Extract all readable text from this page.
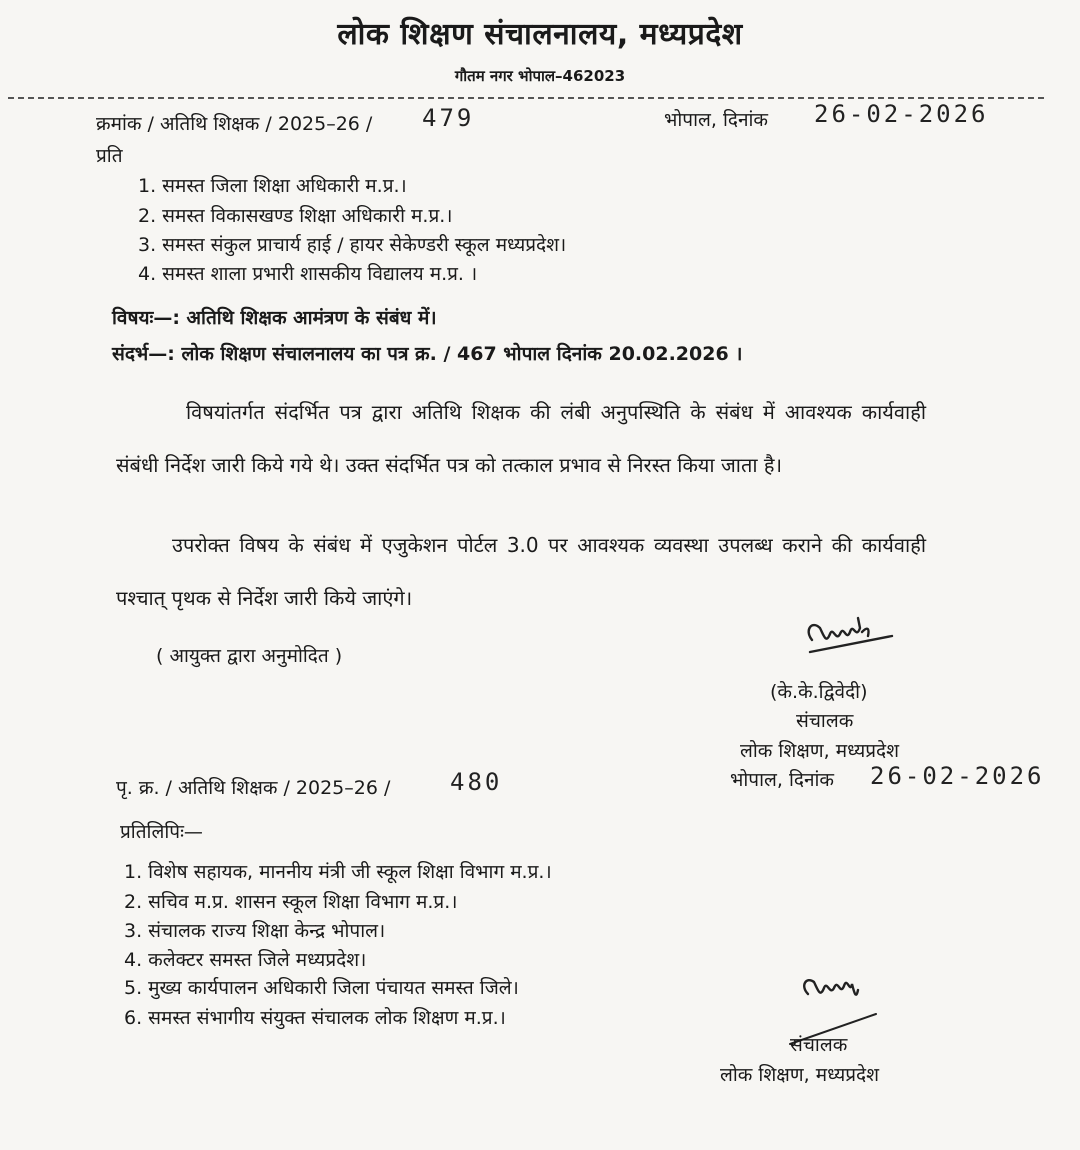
लोक शिक्षण संचालनालय, मध्यप्रदेश
गौतम नगर भोपाल–462023
क्रमांक / अतिथि शिक्षक / 2025–26 / 479	भोपाल, दिनांक 26-02-2026
प्रति
1. समस्त जिला शिक्षा अधिकारी म.प्र.।
2. समस्त विकासखण्ड शिक्षा अधिकारी म.प्र.।
3. समस्त संकुल प्राचार्य हाई / हायर सेकेण्डरी स्कूल मध्यप्रदेश।
4. समस्त शाला प्रभारी शासकीय विद्यालय म.प्र. ।
विषयः—: अतिथि शिक्षक आमंत्रण के संबंध में।
संदर्भ—: लोक शिक्षण संचालनालय का पत्र क्र. / 467 भोपाल दिनांक 20.02.2026 ।
विषयांतर्गत संदर्भित पत्र द्वारा अतिथि शिक्षक की लंबी अनुपस्थिति के संबंध में आवश्यक कार्यवाही संबंधी निर्देश जारी किये गये थे। उक्त संदर्भित पत्र को तत्काल प्रभाव से निरस्त किया जाता है।
उपरोक्त विषय के संबंध में एजुकेशन पोर्टल 3.0 पर आवश्यक व्यवस्था उपलब्ध कराने की कार्यवाही पश्चात् पृथक से निर्देश जारी किये जाएंगे।
( आयुक्त द्वारा अनुमोदित )
(के.के.द्विवेदी)
संचालक
लोक शिक्षण, मध्यप्रदेश
भोपाल, दिनांक 26-02-2026
पृ. क्र. / अतिथि शिक्षक / 2025–26 / 480
प्रतिलिपिः—
1. विशेष सहायक, माननीय मंत्री जी स्कूल शिक्षा विभाग म.प्र.।
2. सचिव म.प्र. शासन स्कूल शिक्षा विभाग म.प्र.।
3. संचालक राज्य शिक्षा केन्द्र भोपाल।
4. कलेक्टर समस्त जिले मध्यप्रदेश।
5. मुख्य कार्यपालन अधिकारी जिला पंचायत समस्त जिले।
6. समस्त संभागीय संयुक्त संचालक लोक शिक्षण म.प्र.।
संचालक
लोक शिक्षण, मध्यप्रदेश
